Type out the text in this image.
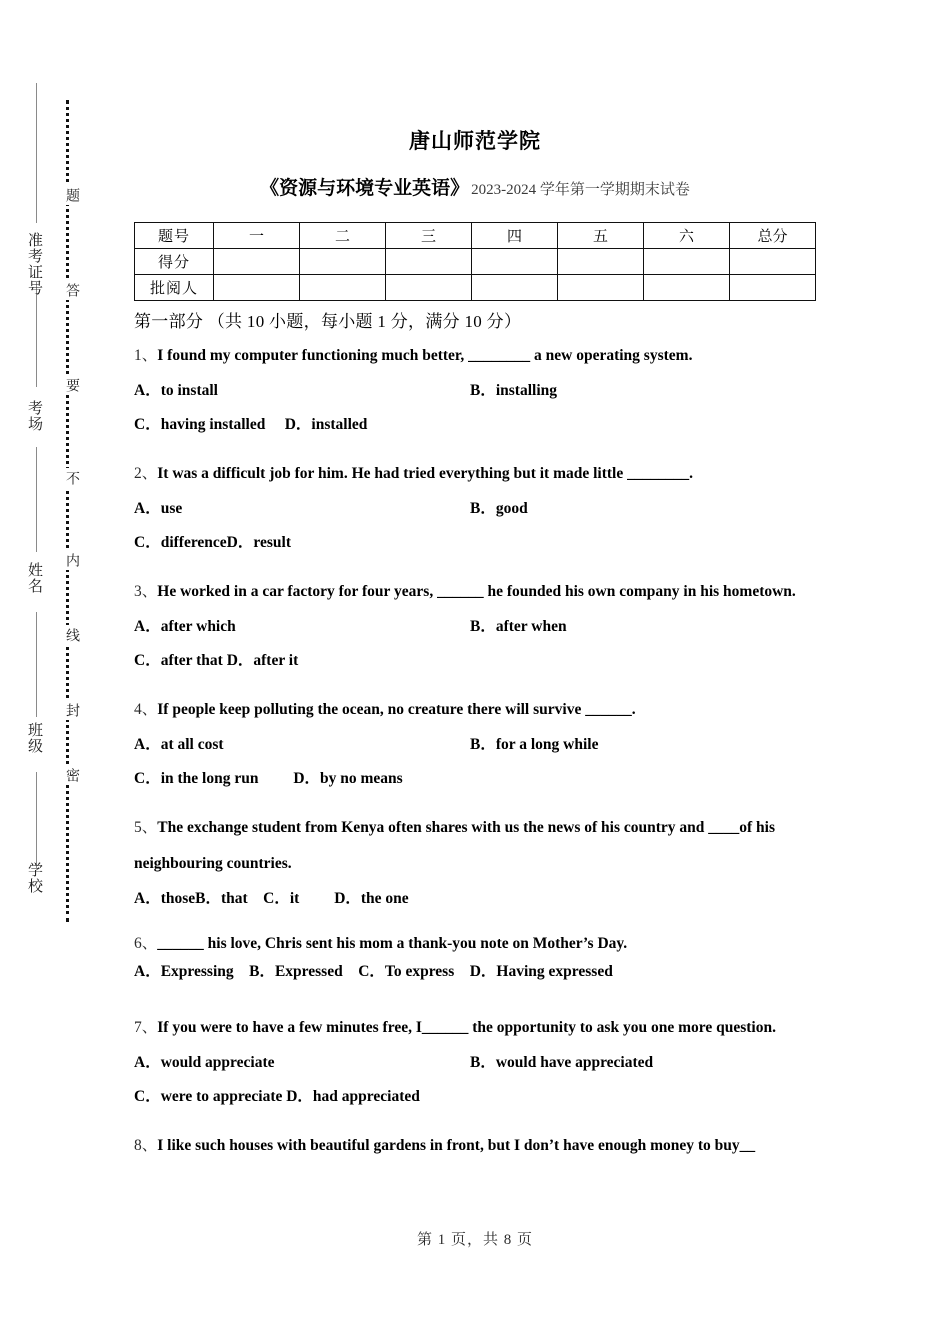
准考证号
考场
姓名
班级
学校
题
答
要
不
内
线
封
密
唐山师范学院
《资源与环境专业英语》 2023-2024 学年第一学期期末试卷
题号	一	二	三	四	五	六	总分
得分							
批阅人							
第一部分 （共 10 小题，每小题 1 分，满分 10 分）
1、I found my computer functioning much better, ________ a new operating system.
A．to install	B．installing
C．having installed　 D．installed
2、It was a difficult job for him. He had tried everything but it made little ________.
A．use	B．good
C．differenceD．result
3、He worked in a car factory for four years, ______ he founded his own company in his hometown.
A．after which	B．after when
C．after that D．after it
4、If people keep polluting the ocean, no creature there will survive ______.
A．at all cost	B．for a long while
C．in the long run　　 D．by no means
5、The exchange student from Kenya often shares with us the news of his country and ____of his neighbouring countries.
A．thoseB．that　C．it　　 D．the one
6、______ his love, Chris sent his mom a thank-you note on Mother’s Day.
A．Expressing　B．Expressed　C．To express　D．Having expressed
7、If you were to have a few minutes free, I______ the opportunity to ask you one more question.
A．would appreciate	B．would have appreciated
C．were to appreciate D．had appreciated
8、I like such houses with beautiful gardens in front, but I don’t have enough money to buy__
第 1 页，共 8 页
